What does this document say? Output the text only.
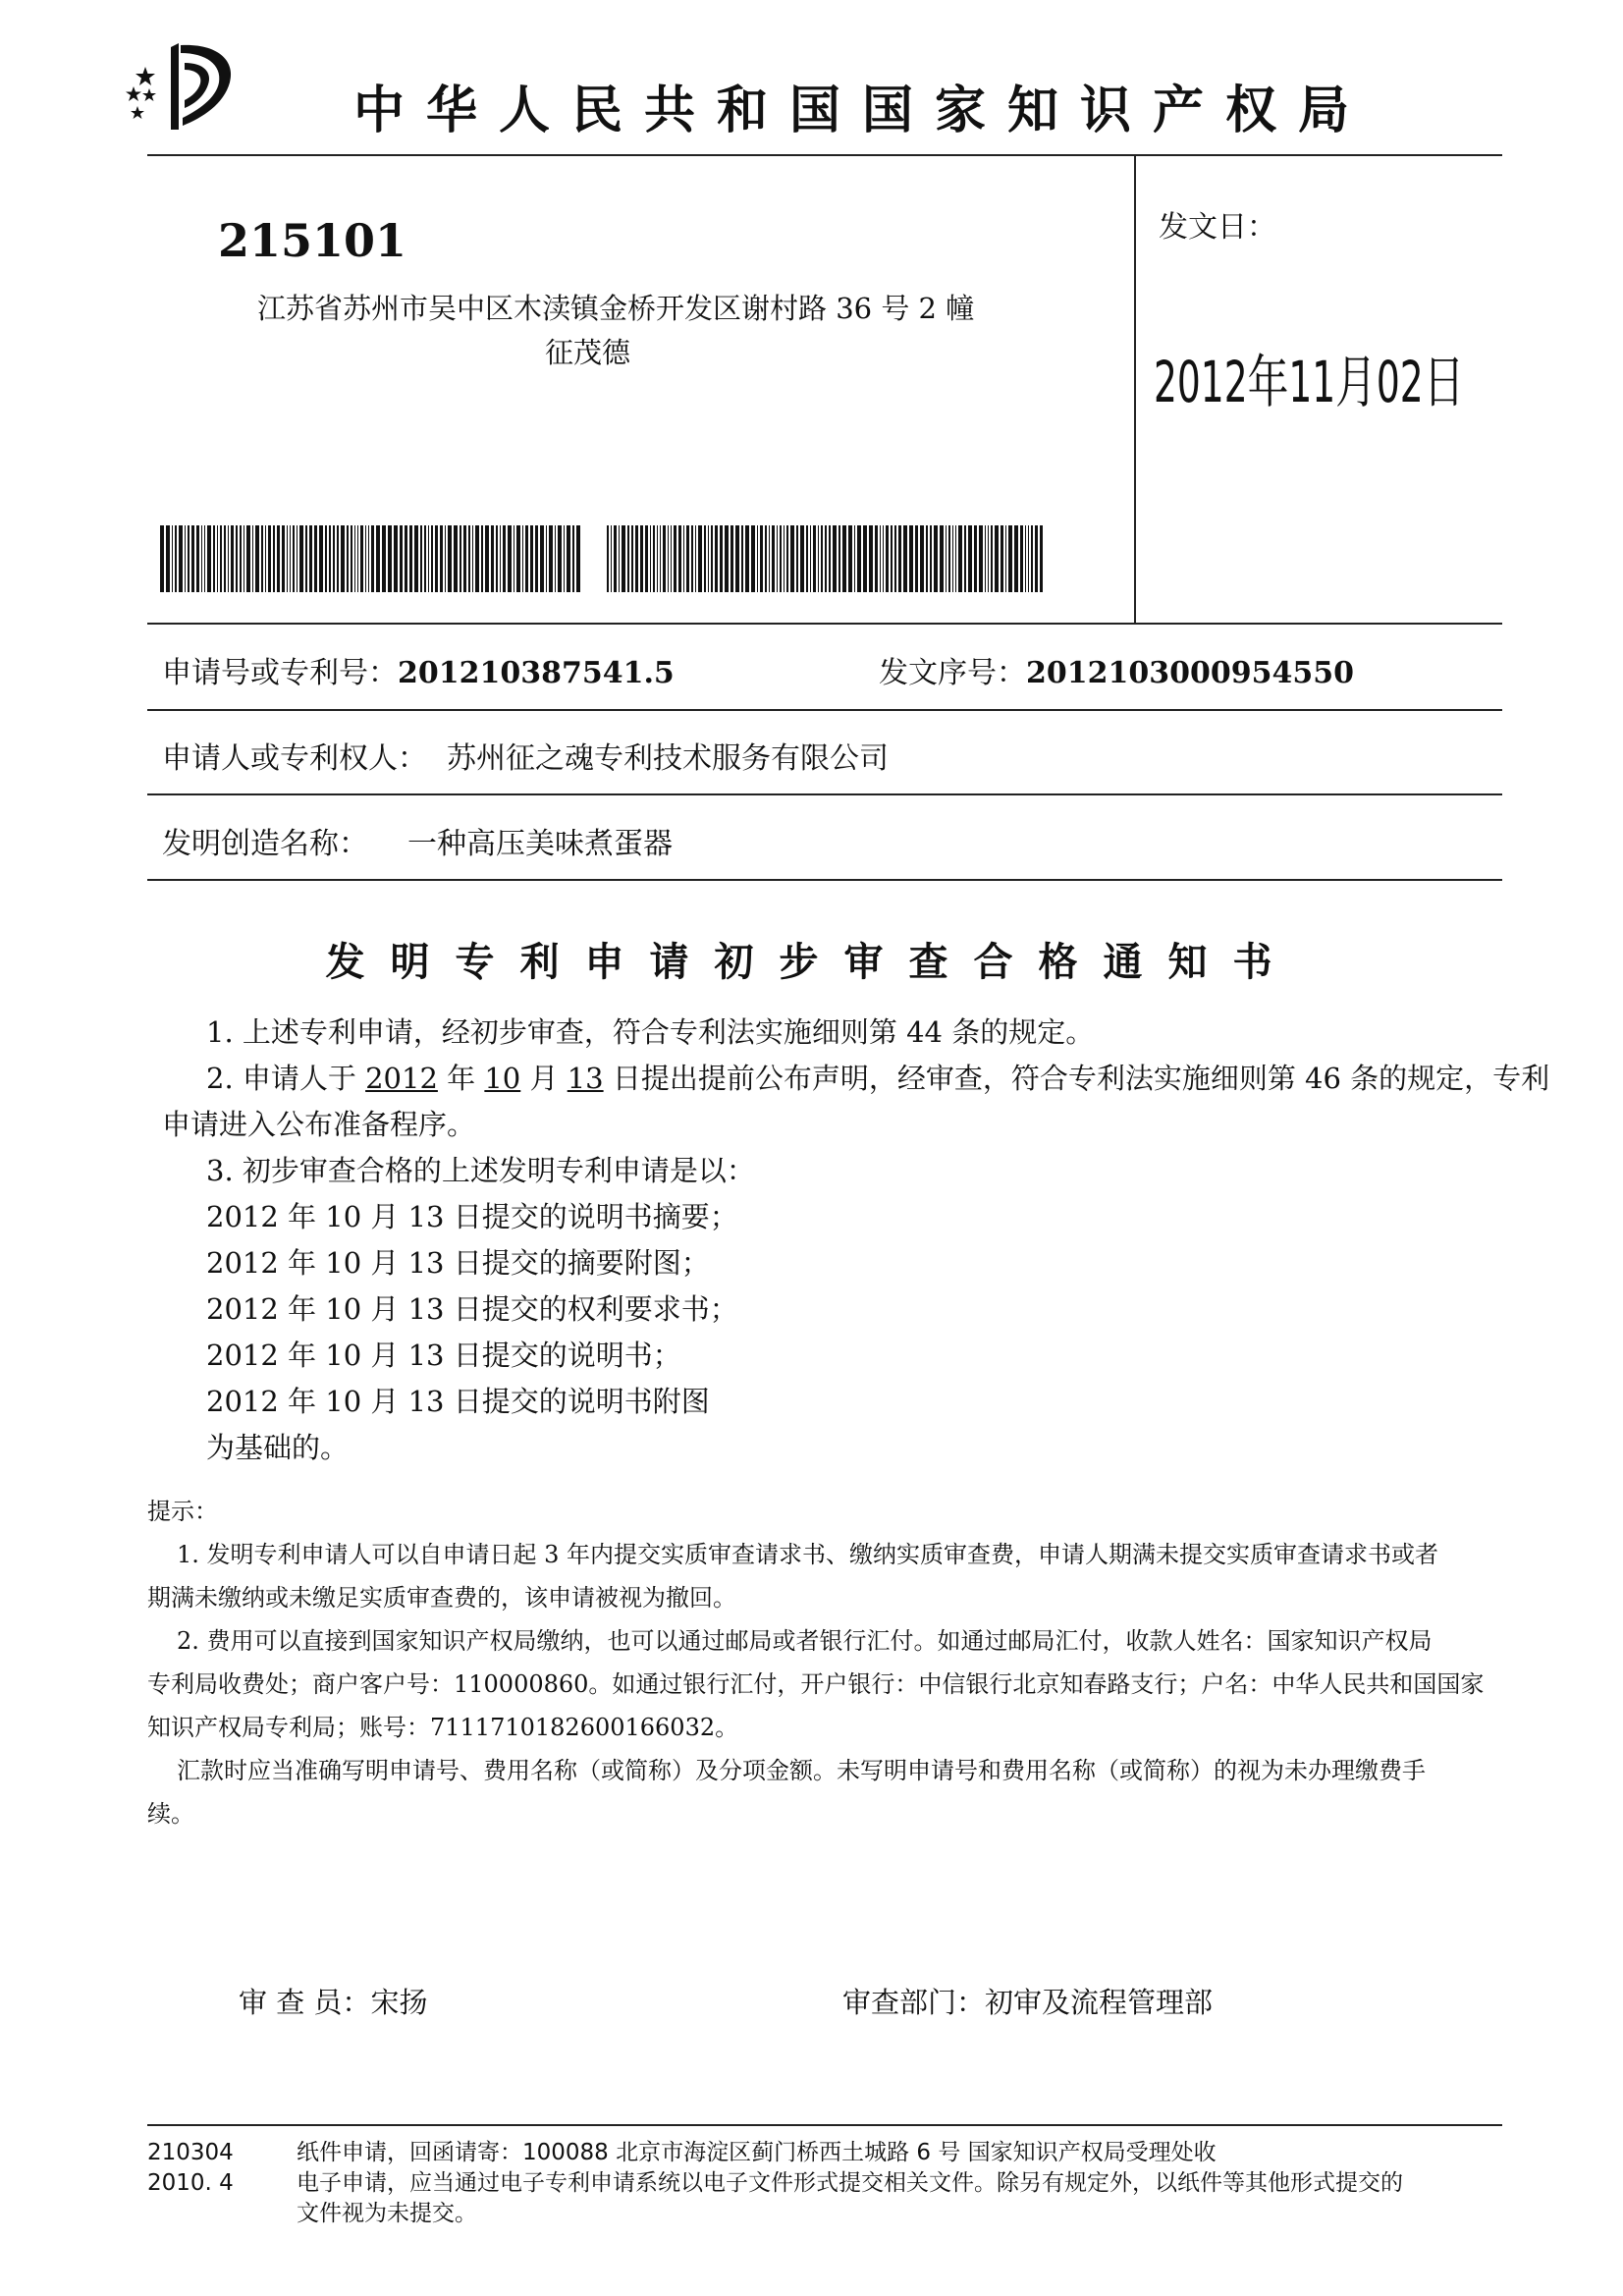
中华人民共和国国家知识产权局
215101
江苏省苏州市吴中区木渎镇金桥开发区谢村路 36 号 2 幢
征茂德
发文日：
2012年11月02日
申请号或专利号：201210387541.5	发文序号：2012103000954550
申请人或专利权人： 苏州征之魂专利技术服务有限公司
发明创造名称： 一种高压美味煮蛋器
发明专利申请初步审查合格通知书
1. 上述专利申请，经初步审查，符合专利法实施细则第 44 条的规定。
2. 申请人于 2012 年 10 月 13 日提出提前公布声明，经审查，符合专利法实施细则第 46 条的规定，专利
申请进入公布准备程序。
3. 初步审查合格的上述发明专利申请是以：
2012 年 10 月 13 日提交的说明书摘要；
2012 年 10 月 13 日提交的摘要附图；
2012 年 10 月 13 日提交的权利要求书；
2012 年 10 月 13 日提交的说明书；
2012 年 10 月 13 日提交的说明书附图
为基础的。
提示：
1. 发明专利申请人可以自申请日起 3 年内提交实质审查请求书、缴纳实质审查费，申请人期满未提交实质审查请求书或者
期满未缴纳或未缴足实质审查费的，该申请被视为撤回。
2. 费用可以直接到国家知识产权局缴纳，也可以通过邮局或者银行汇付。如通过邮局汇付，收款人姓名：国家知识产权局
专利局收费处；商户客户号：110000860。如通过银行汇付，开户银行：中信银行北京知春路支行；户名：中华人民共和国国家
知识产权局专利局；账号：7111710182600166032。
汇款时应当准确写明申请号、费用名称（或简称）及分项金额。未写明申请号和费用名称（或简称）的视为未办理缴费手
续。
审 查 员：宋扬	审查部门：初审及流程管理部
210304
2010. 4
纸件申请，回函请寄：100088 北京市海淀区蓟门桥西土城路 6 号 国家知识产权局受理处收
电子申请，应当通过电子专利申请系统以电子文件形式提交相关文件。除另有规定外，以纸件等其他形式提交的
文件视为未提交。
